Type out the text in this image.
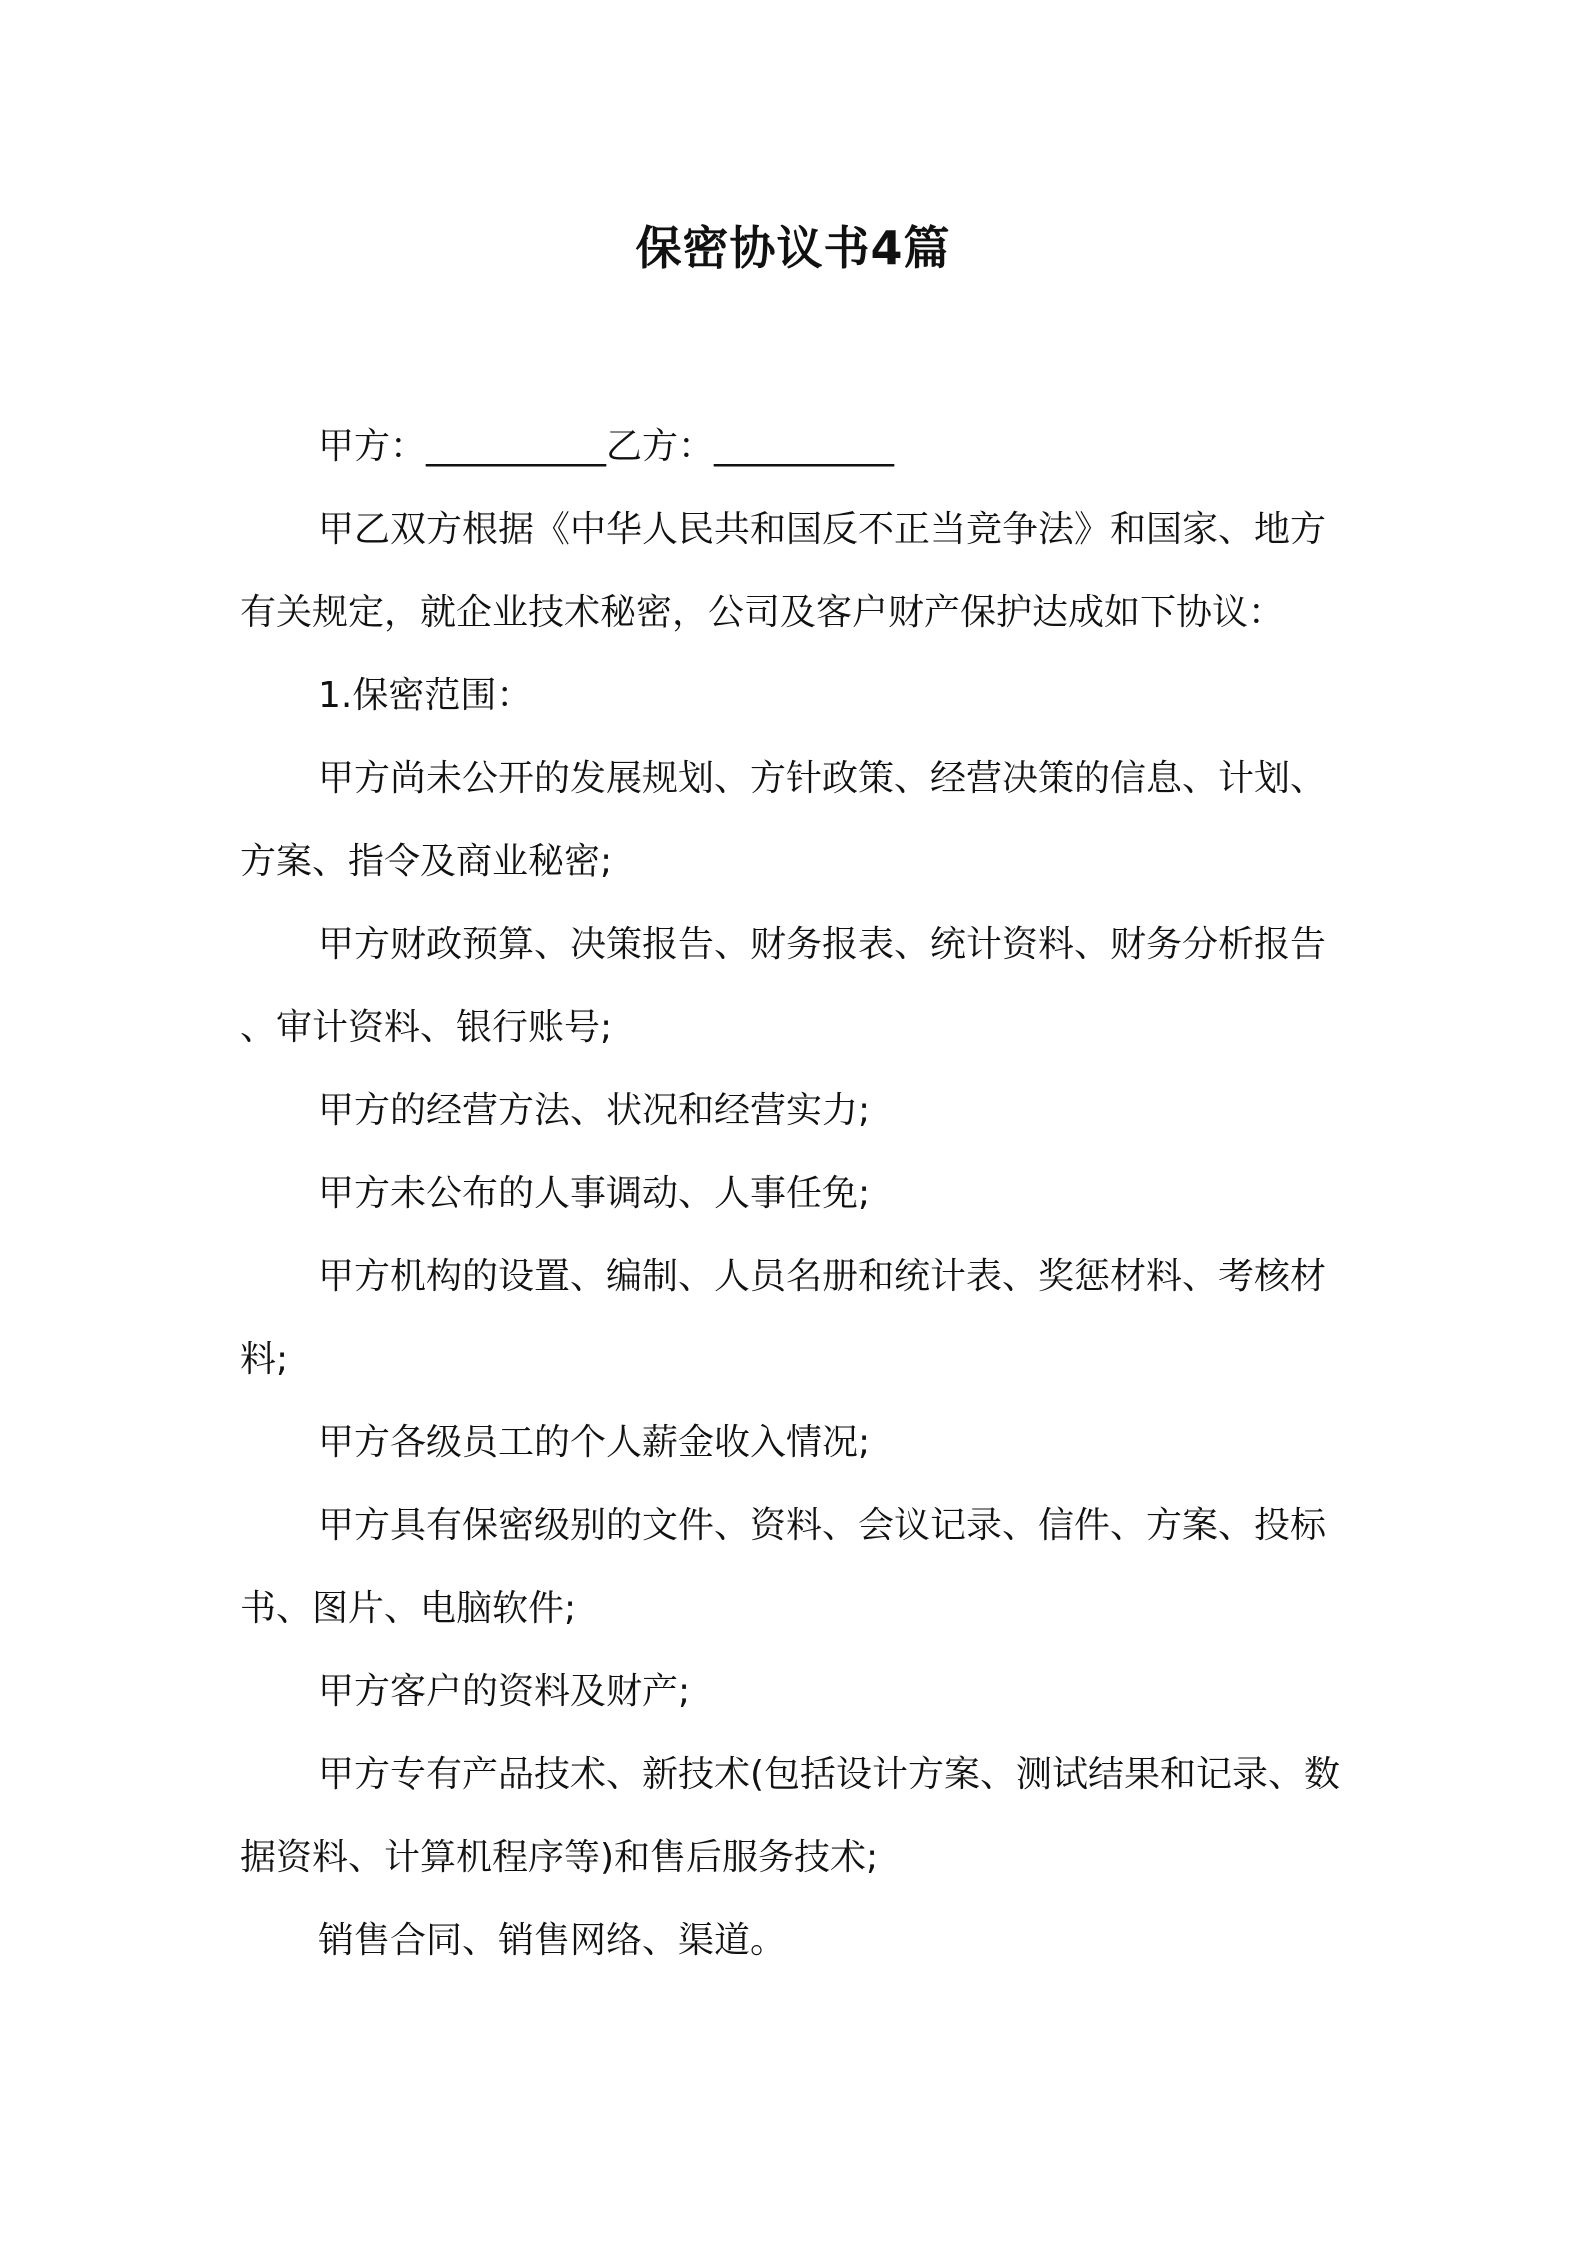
保密协议书4篇

甲方：__________乙方：__________

甲乙双方根据《中华人民共和国反不正当竞争法》和国家、地方有关规定，就企业技术秘密，公司及客户财产保护达成如下协议：

1.保密范围：

甲方尚未公开的发展规划、方针政策、经营决策的信息、计划、方案、指令及商业秘密;

甲方财政预算、决策报告、财务报表、统计资料、财务分析报告、审计资料、银行账号;

甲方的经营方法、状况和经营实力;

甲方未公布的人事调动、人事任免;

甲方机构的设置、编制、人员名册和统计表、奖惩材料、考核材料;

甲方各级员工的个人薪金收入情况;

甲方具有保密级别的文件、资料、会议记录、信件、方案、投标书、图片、电脑软件;

甲方客户的资料及财产;

甲方专有产品技术、新技术(包括设计方案、测试结果和记录、数据资料、计算机程序等)和售后服务技术;

销售合同、销售网络、渠道。
